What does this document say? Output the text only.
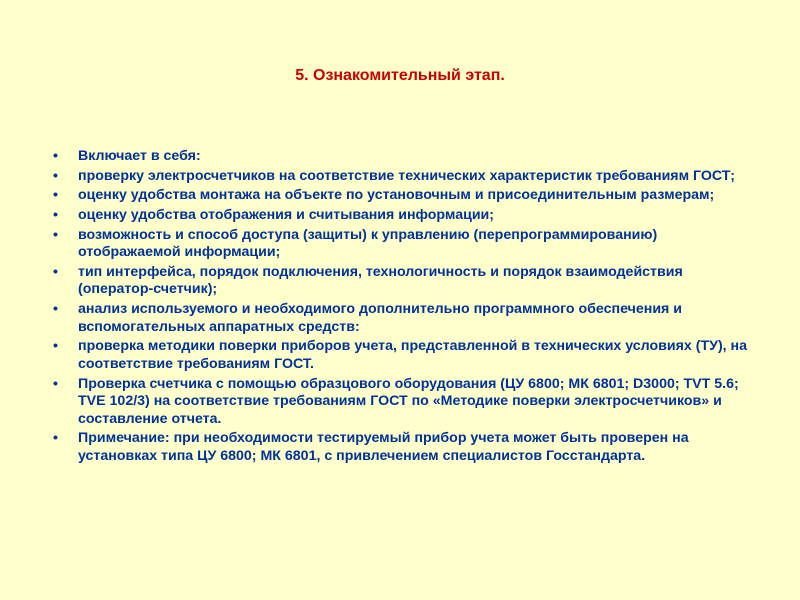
5. Ознакомительный этап.
• Включает в себя:
• проверку электросчетчиков на соответствие технических характеристик требованиям ГОСТ;
• оценку удобства монтажа на объекте по установочным и присоединительным размерам;
• оценку удобства отображения и считывания информации;
• возможность и способ доступа (защиты) к управлению (перепрограммированию) отображаемой информации;
• тип интерфейса, порядок подключения, технологичность и порядок взаимодействия (оператор-счетчик);
• анализ используемого и необходимого дополнительно программного обеспечения и вспомогательных аппаратных средств:
• проверка методики поверки приборов учета, представленной в технических условиях (ТУ), на соответствие требованиям ГОСТ.
• Проверка счетчика с помощью образцового оборудования (ЦУ 6800; МК 6801; D3000; TVT 5.6; TVE 102/3) на соответствие требованиям ГОСТ по «Методике поверки электросчетчиков» и составление отчета.
• Примечание: при необходимости тестируемый прибор учета может быть проверен на установках типа ЦУ 6800; МК 6801, с привлечением специалистов Госстандарта.
